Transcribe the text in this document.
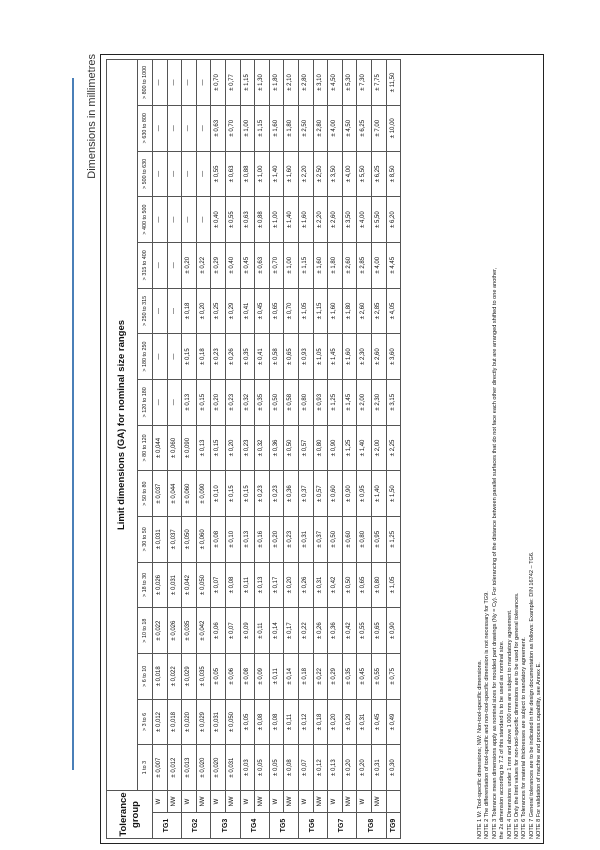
Dimensions in millimetres
Tolerance group		Limit dimensions (GA) for nominal size ranges															
		1 to 3	> 3 to 6	> 6 to 10	> 10 to 18	> 18 to 30	> 30 to 50	> 50 to 80	> 80 to 120	> 120 to 180	> 180 to 250	> 250 to 315	> 315 to 400	> 400 to 500	> 500 to 630	> 630 to 800	> 800 to 1000
TG1	W	± 0,007	± 0,012	± 0,018	± 0,022	± 0,026	± 0,031	± 0,037	± 0,044	—	—	—	—	—	—	—	—
	NW	± 0,012	± 0,018	± 0,022	± 0,026	± 0,031	± 0,037	± 0,044	± 0,060	—	—	—	—	—	—	—	—
TG2	W	± 0,013	± 0,020	± 0,029	± 0,035	± 0,042	± 0,050	± 0,060	± 0,090	± 0,13	± 0,15	± 0,18	± 0,20	—	—	—	—
	NW	± 0,020	± 0,029	± 0,035	± 0,042	± 0,050	± 0,060	± 0,090	± 0,13	± 0,15	± 0,18	± 0,20	± 0,22	—	—	—	—
TG3	W	± 0,020	± 0,031	± 0,05	± 0,06	± 0,07	± 0,08	± 0,10	± 0,15	± 0,20	± 0,23	± 0,25	± 0,29	± 0,40	± 0,55	± 0,63	± 0,70
	NW	± 0,031	± 0,050	± 0,06	± 0,07	± 0,08	± 0,10	± 0,15	± 0,20	± 0,23	± 0,26	± 0,29	± 0,40	± 0,55	± 0,63	± 0,70	± 0,77
TG4	W	± 0,03	± 0,05	± 0,08	± 0,09	± 0,11	± 0,13	± 0,15	± 0,23	± 0,32	± 0,35	± 0,41	± 0,45	± 0,63	± 0,88	± 1,00	± 1,15
	NW	± 0,05	± 0,08	± 0,09	± 0,11	± 0,13	± 0,16	± 0,23	± 0,32	± 0,35	± 0,41	± 0,45	± 0,63	± 0,88	± 1,00	± 1,15	± 1,30
TG5	W	± 0,05	± 0,08	± 0,11	± 0,14	± 0,17	± 0,20	± 0,23	± 0,36	± 0,50	± 0,58	± 0,65	± 0,70	± 1,00	± 1,40	± 1,60	± 1,80
	NW	± 0,08	± 0,11	± 0,14	± 0,17	± 0,20	± 0,23	± 0,36	± 0,50	± 0,58	± 0,65	± 0,70	± 1,00	± 1,40	± 1,60	± 1,80	± 2,10
TG6	W	± 0,07	± 0,12	± 0,18	± 0,22	± 0,26	± 0,31	± 0,37	± 0,57	± 0,80	± 0,93	± 1,05	± 1,15	± 1,60	± 2,20	± 2,50	± 2,80
	NW	± 0,12	± 0,18	± 0,22	± 0,26	± 0,31	± 0,37	± 0,57	± 0,80	± 0,93	± 1,05	± 1,15	± 1,60	± 2,20	± 2,50	± 2,80	± 3,10
TG7	W	± 0,13	± 0,20	± 0,29	± 0,36	± 0,42	± 0,50	± 0,60	± 0,90	± 1,25	± 1,45	± 1,60	± 1,80	± 2,60	± 3,50	± 4,00	± 4,50
	NW	± 0,20	± 0,29	± 0,35	± 0,42	± 0,50	± 0,60	± 0,90	± 1,25	± 1,45	± 1,60	± 1,80	± 2,60	± 3,50	± 4,00	± 4,50	± 5,30
TG8	W	± 0,20	± 0,31	± 0,45	± 0,55	± 0,65	± 0,80	± 0,95	± 1,40	± 2,00	± 2,30	± 2,60	± 2,85	± 4,00	± 5,50	± 6,25	± 7,30
	NW	± 0,31	± 0,45	± 0,55	± 0,65	± 0,80	± 0,95	± 1,40	± 2,00	± 2,30	± 2,60	± 2,85	± 4,00	± 5,50	± 6,25	± 7,00	± 7,75
TG9		± 0,30	± 0,49	± 0,75	± 0,90	± 1,05	± 1,25	± 1,50	± 2,25	± 3,15	± 3,60	± 4,05	± 4,45	± 6,20	± 8,50	± 10,00	± 11,50
NOTE 1 W: Tool-specific dimensions; NW: Non-tool-specific dimensions. NOTE 2 The differentiation of tool-specific and non-tool-specific dimension is not necessary for TG9. NOTE 3 Tolerance mean dimensions apply as nominal sizes for moulded part drawings (Ny = Cy). For tolerancing of the distance between parallel surfaces that do not face each other directly but are arranged shifted to one another, the 2x dimension according to 7.2 of this standard is to be used as nominal size. NOTE 4 Dimensions under 1 mm and above 1 000 mm are subject to mandatory agreement. NOTE 5 Only the limit values for non-tool-specific dimensions are to be used for general tolerances. NOTE 6 Tolerances for material thicknesses are subject to mandatory agreement. NOTE 7 General tolerances are to be indicated in the design documentation as follows: Example: DIN 16742 – TG6. NOTE 8 For validation of machine and process capability, see Annex E.
